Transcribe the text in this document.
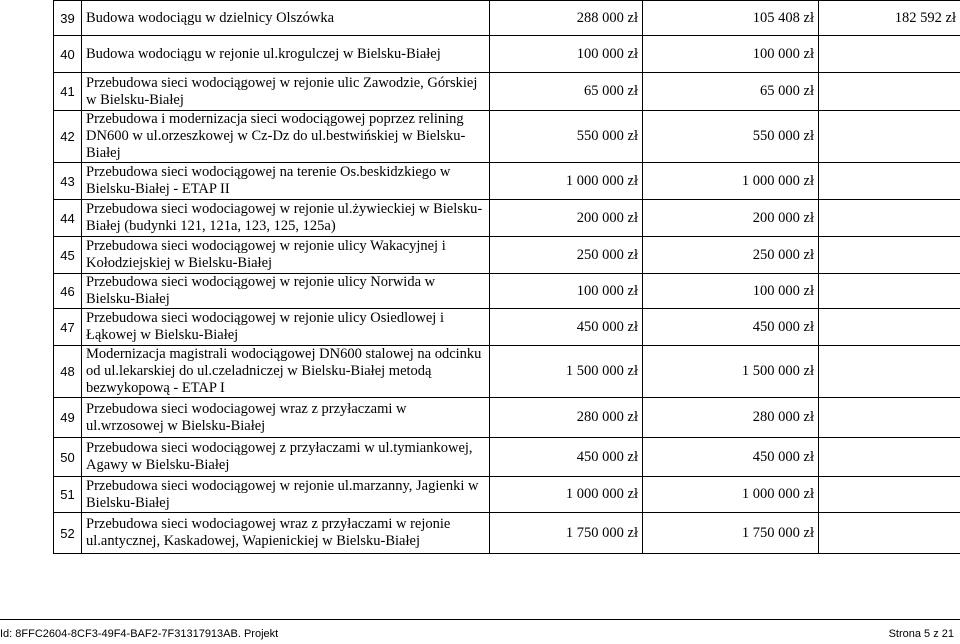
39	Budowa wodociągu w dzielnicy Olszówka	288 000 zł	105 408 zł	182 592 zł
40	Budowa wodociągu w rejonie ul.krogulczej w Bielsku-Białej	100 000 zł	100 000 zł	
41	Przebudowa sieci wodociągowej w rejonie ulic Zawodzie, Górskiej w Bielsku-Białej	65 000 zł	65 000 zł	
42	Przebudowa i modernizacja sieci wodociągowej poprzez relining DN600 w ul.orzeszkowej w Cz-Dz do ul.bestwińskiej w Bielsku-Białej	550 000 zł	550 000 zł	
43	Przebudowa sieci wodociągowej na terenie Os.beskidzkiego w Bielsku-Białej - ETAP II	1 000 000 zł	1 000 000 zł	
44	Przebudowa sieci wodociagowej w rejonie ul.żywieckiej w Bielsku-Białej (budynki 121, 121a, 123, 125, 125a)	200 000 zł	200 000 zł	
45	Przebudowa sieci wodociągowej w rejonie ulicy Wakacyjnej i Kołodziejskiej w Bielsku-Białej	250 000 zł	250 000 zł	
46	Przebudowa sieci wodociągowej w rejonie ulicy Norwida w Bielsku-Białej	100 000 zł	100 000 zł	
47	Przebudowa sieci wodociągowej w rejonie ulicy Osiedlowej i Łąkowej w Bielsku-Białej	450 000 zł	450 000 zł	
48	Modernizacja magistrali wodociągowej DN600 stalowej na odcinku od ul.lekarskiej do ul.czeladniczej w Bielsku-Białej metodą bezwykopową - ETAP I	1 500 000 zł	1 500 000 zł	
49	Przebudowa sieci wodociagowej wraz z przyłaczami w ul.wrzosowej w Bielsku-Białej	280 000 zł	280 000 zł	
50	Przebudowa sieci wodociągowej z przyłaczami w ul.tymiankowej, Agawy w Bielsku-Białej	450 000 zł	450 000 zł	
51	Przebudowa sieci wodociągowej w rejonie ul.marzanny, Jagienki w Bielsku-Białej	1 000 000 zł	1 000 000 zł	
52	Przebudowa sieci wodociagowej wraz z przyłaczami w rejonie ul.antycznej, Kaskadowej, Wapienickiej w Bielsku-Białej	1 750 000 zł	1 750 000 zł	
Id: 8FFC2604-8CF3-49F4-BAF2-7F31317913AB. Projekt	Strona 5 z 21
